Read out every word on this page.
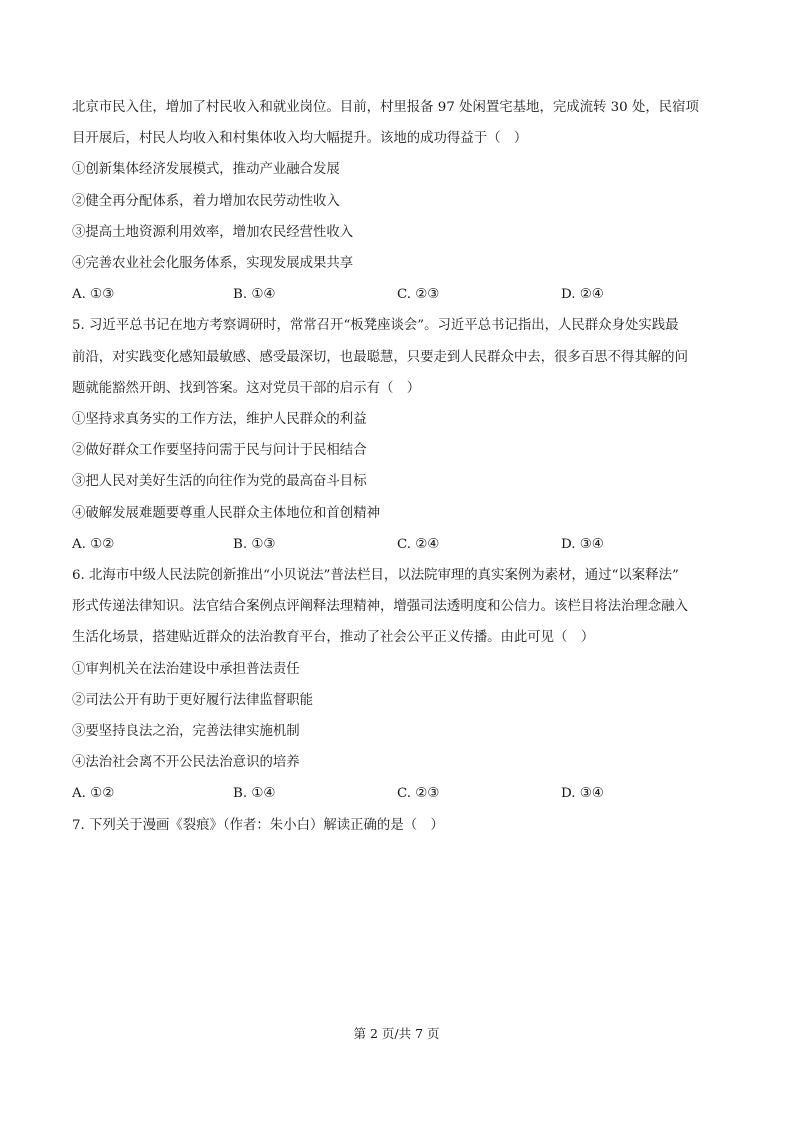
北京市民入住，增加了村民收入和就业岗位。目前，村里报备 97 处闲置宅基地，完成流转 30 处，民宿项
目开展后，村民人均收入和村集体收入均大幅提升。该地的成功得益于（　）
①创新集体经济发展模式，推动产业融合发展
②健全再分配体系，着力增加农民劳动性收入
③提高土地资源利用效率，增加农民经营性收入
④完善农业社会化服务体系，实现发展成果共享
A. ①③	B. ①④	C. ②③	D. ②④
5. 习近平总书记在地方考察调研时，常常召开“板凳座谈会”。习近平总书记指出，人民群众身处实践最
前沿，对实践变化感知最敏感、感受最深切，也最聪慧，只要走到人民群众中去，很多百思不得其解的问
题就能豁然开朗、找到答案。这对党员干部的启示有（　）
①坚持求真务实的工作方法，维护人民群众的利益
②做好群众工作要坚持问需于民与问计于民相结合
③把人民对美好生活的向往作为党的最高奋斗目标
④破解发展难题要尊重人民群众主体地位和首创精神
A. ①②	B. ①③	C. ②④	D. ③④
6. 北海市中级人民法院创新推出“小贝说法”普法栏目，以法院审理的真实案例为素材，通过“以案释法”
形式传递法律知识。法官结合案例点评阐释法理精神，增强司法透明度和公信力。该栏目将法治理念融入
生活化场景，搭建贴近群众的法治教育平台，推动了社会公平正义传播。由此可见（　）
①审判机关在法治建设中承担普法责任
②司法公开有助于更好履行法律监督职能
③要坚持良法之治，完善法律实施机制
④法治社会离不开公民法治意识的培养
A. ①②	B. ①④	C. ②③	D. ③④
7. 下列关于漫画《裂痕》（作者：朱小白）解读正确的是（　）
第 2 页/共 7 页
